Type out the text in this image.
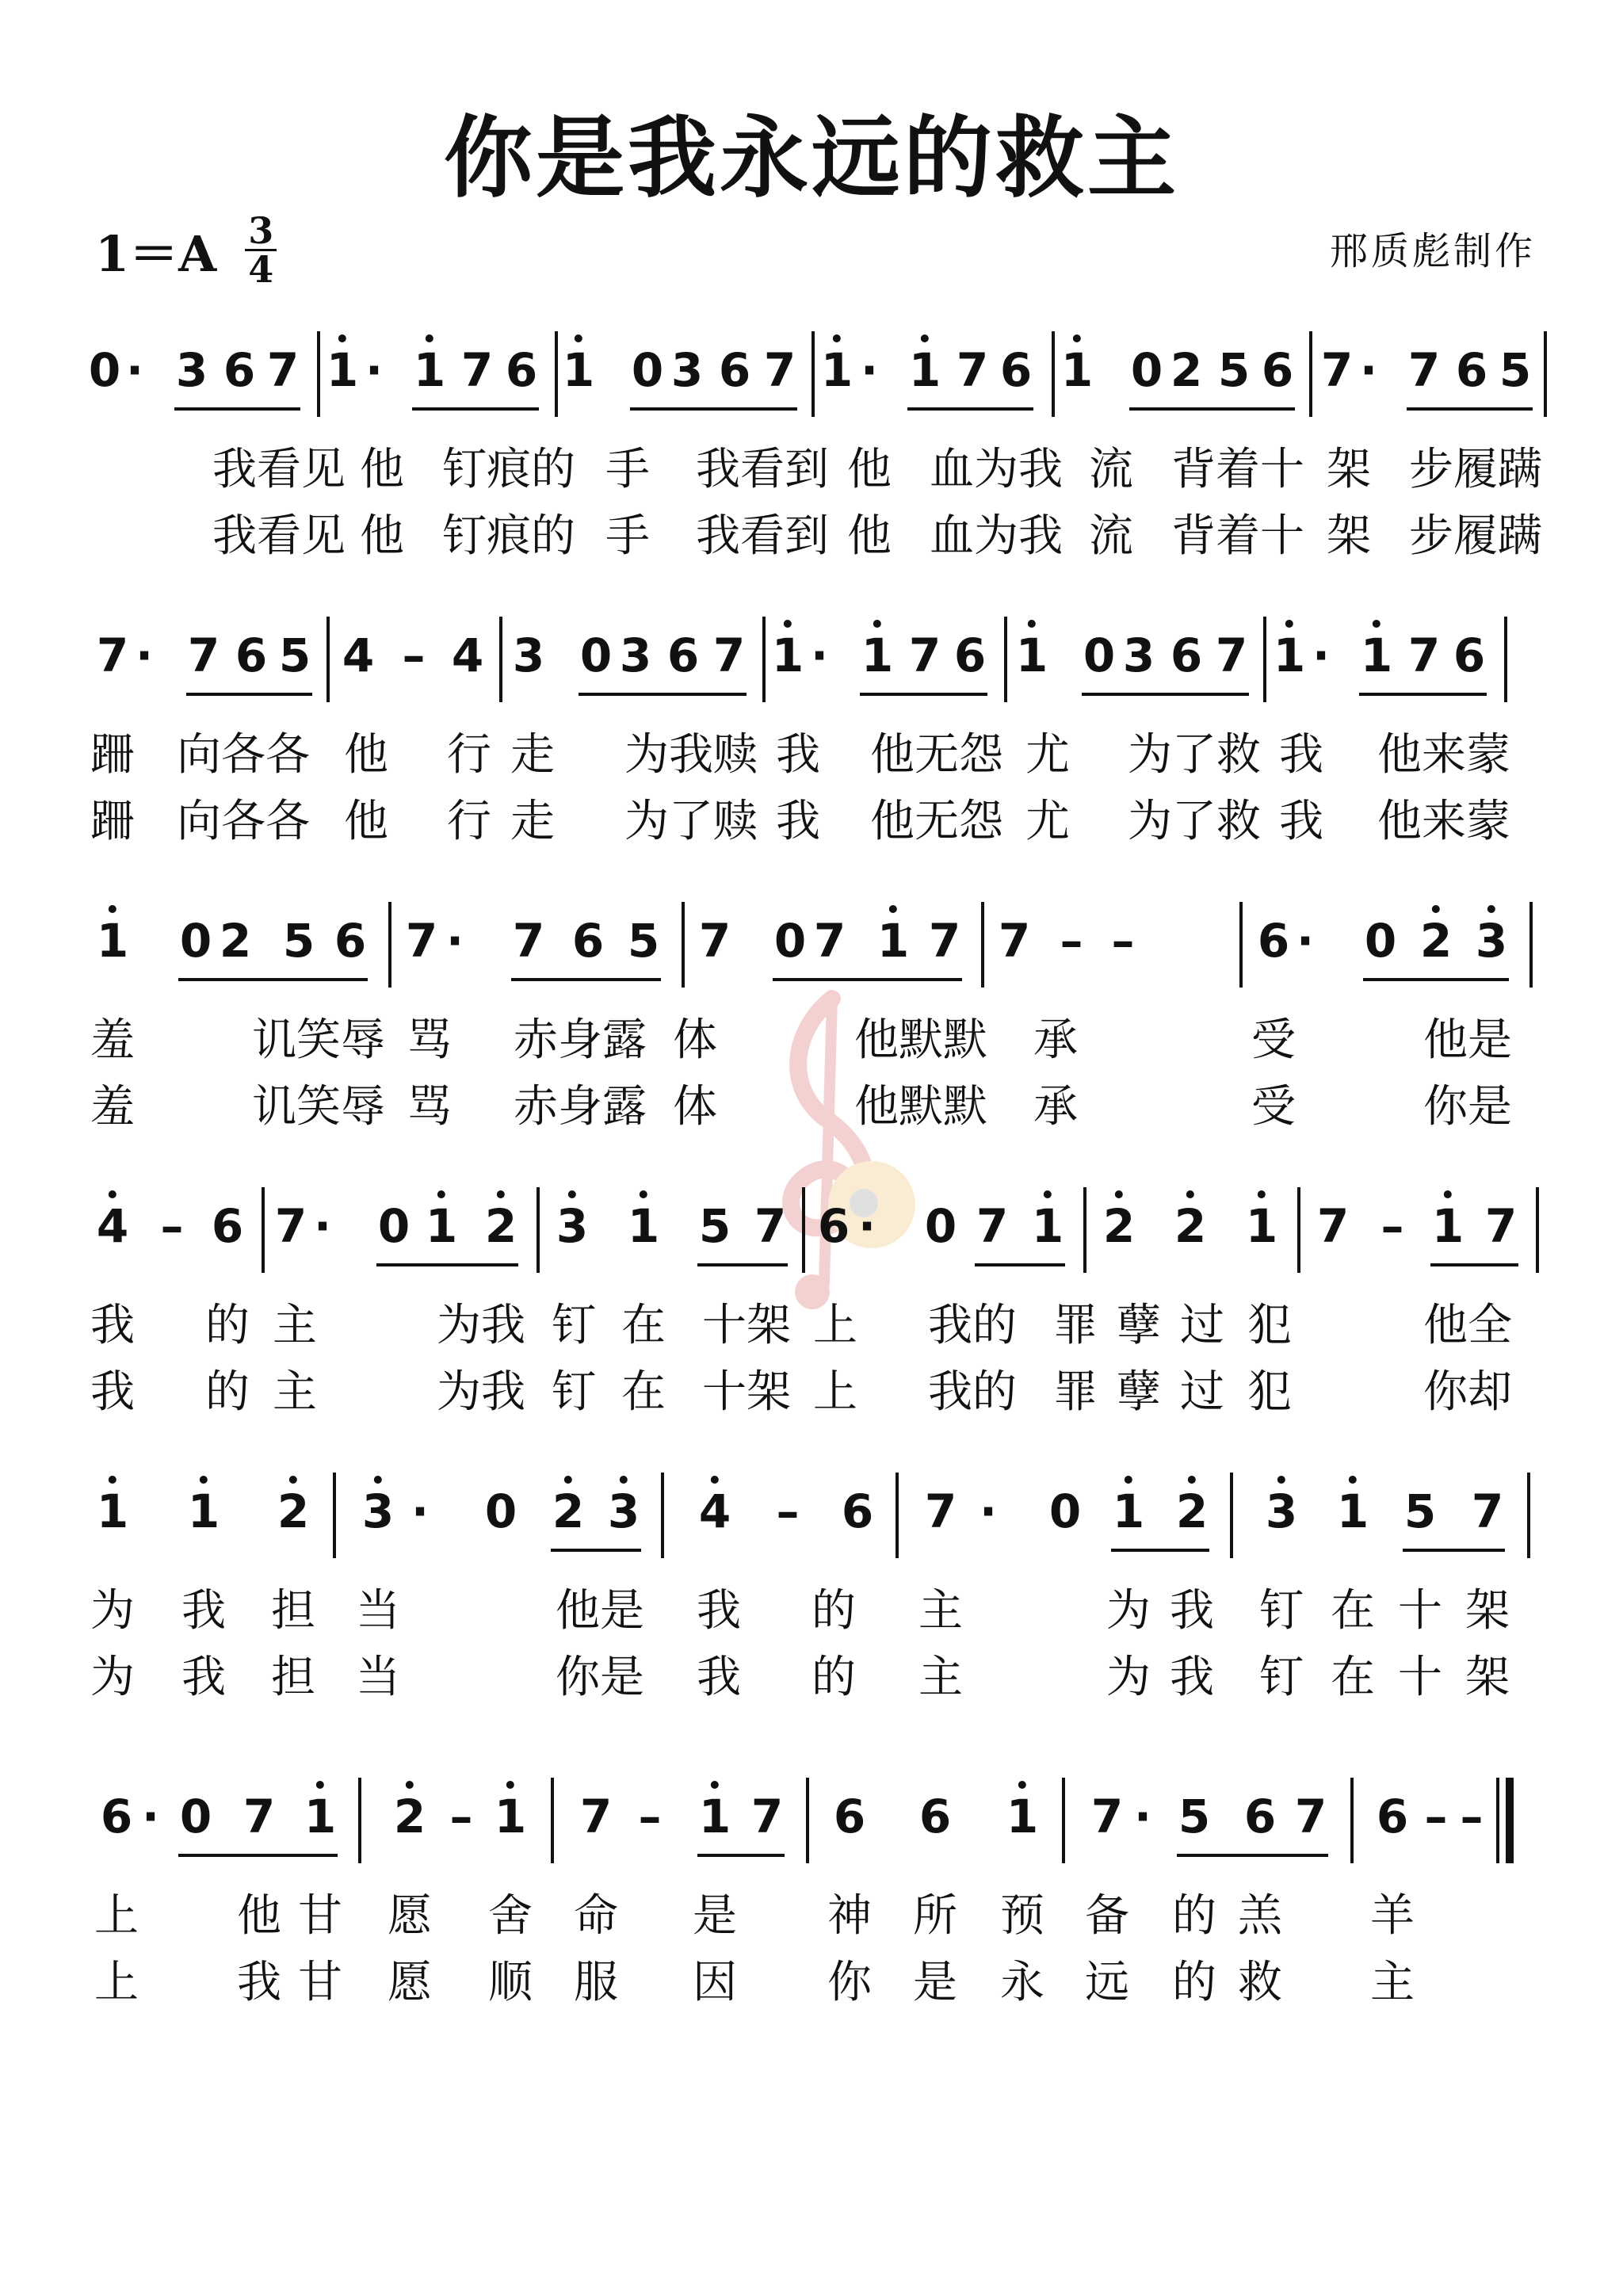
你是我永远的救主
$1=A \frac{3}{4}$	邢质彪制作
0 · 3 6 7 1 · 1 7 6 1 0 3 6 7 1 · 1 7 6 1 0 2 5 6 7 · 7 6 5
我看见 他 钉痕的 手 我看到 他 血为我 流 背着十 架 步履蹒
我看见 他 钉痕的 手 我看到 他 血为我 流 背着十 架 步履蹒
7 · 7 6 5 4 – 4 3 0 3 6 7 1 · 1 7 6 1 0 3 6 7 1 · 1 7 6
跚 向各各 他 行 走 为我赎 我 他无怨 尤 为了救 我 他来蒙
跚 向各各 他 行 走 为了赎 我 他无怨 尤 为了救 我 他来蒙
1 0 2 5 6 7 · 7 6 5 7 0 7 1 7 7 – –	6 · 0 2 3
羞	讥笑辱 骂 赤身露 体	他默默 承	受	他是
羞	讥笑辱 骂 赤身露 体	他默默 承	受	你是
4 – 6 7 · 0 1 2 3 1 5 7 6 · 0 7 1 2 2 1 7 – 1 7
我 的 主	为我 钉 在 十架 上 我的 罪 孽 过 犯	他全
我 的 主	为我 钉 在 十架 上 我的 罪 孽 过 犯	你却
1 1 2 3 · 0 2 3 4 – 6 7 · 0 1 2 3 1 5 7
为 我 担 当	他是 我 的 主	为 我 钉 在 十 架
为 我 担 当	你是 我 的 主	为 我 钉 在 十 架
6 · 0 7 1 2 – 1 7 – 1 7 6 6 1 7 · 5 6 7 6 – –
上 他 甘 愿 舍 命 是 神 所 预 备 的 羔 羊
上 我 甘 愿 顺 服 因 你 是 永 远 的 救 主
